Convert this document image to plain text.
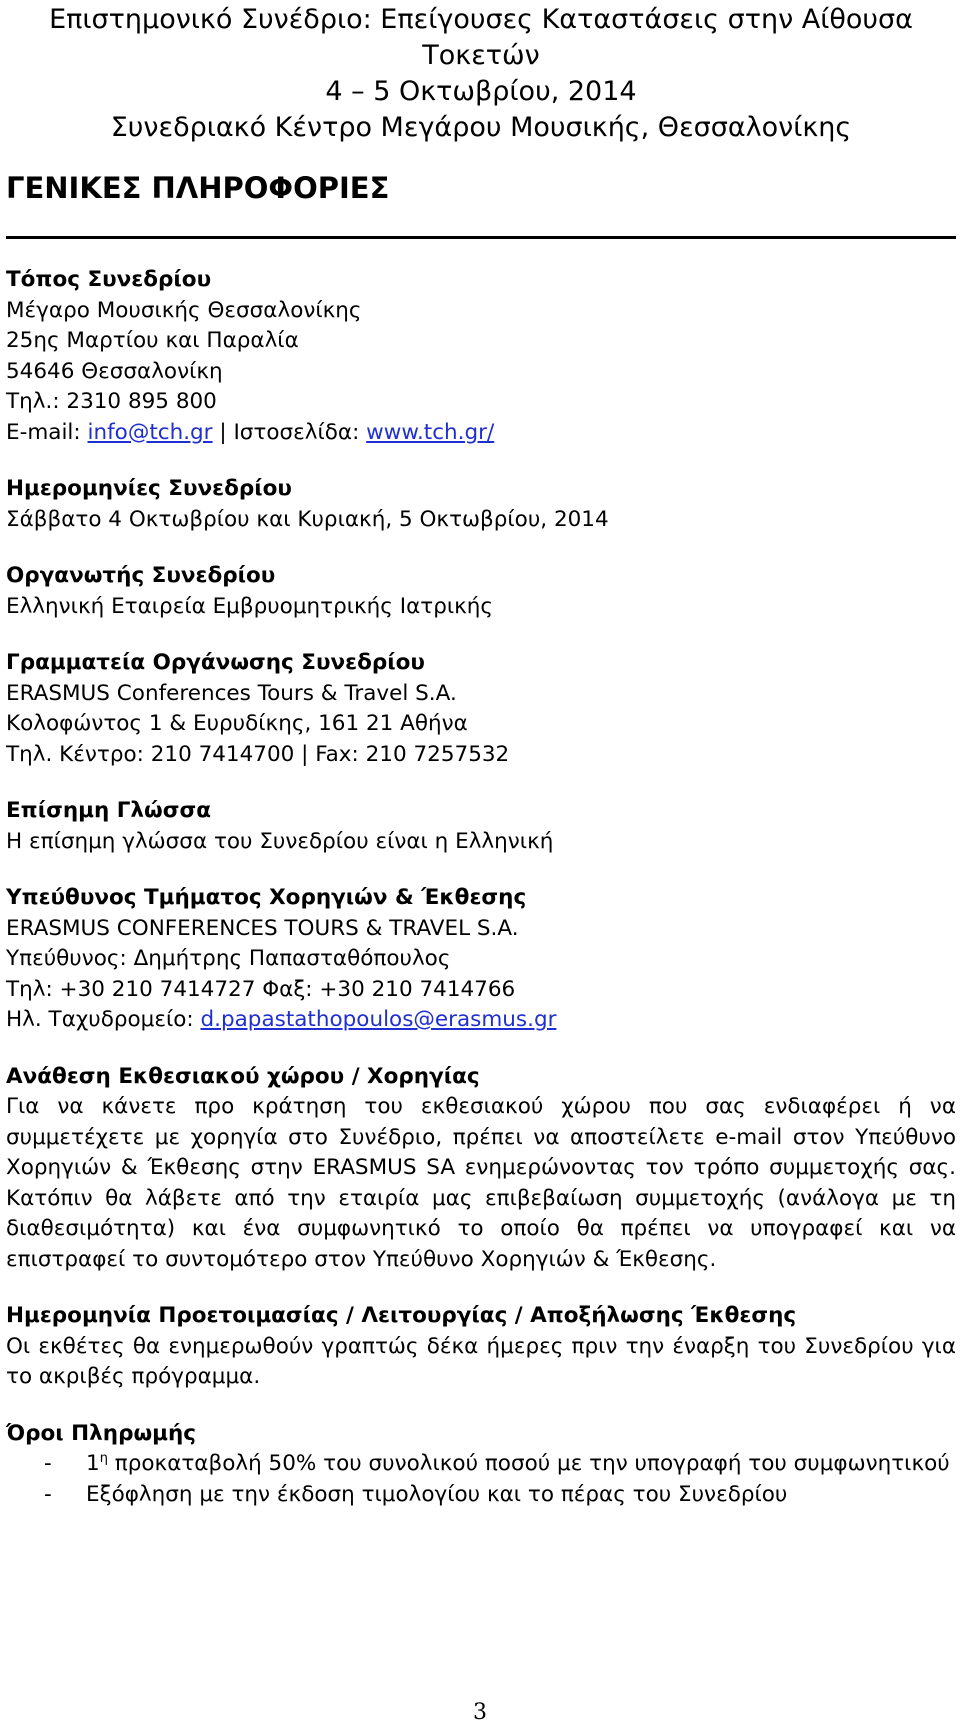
Επιστημονικό Συνέδριο: Επείγουσες Καταστάσεις στην Αίθουσα Τοκετών
4 – 5 Οκτωβρίου, 2014
Συνεδριακό Κέντρο Μεγάρου Μουσικής, Θεσσαλονίκης
ΓΕΝΙΚΕΣ ΠΛΗΡΟΦΟΡΙΕΣ
Τόπος Συνεδρίου
Μέγαρο Μουσικής Θεσσαλονίκης
25ης Μαρτίου και Παραλία
54646 Θεσσαλονίκη
Τηλ.: 2310 895 800
E-mail: info@tch.gr | Ιστοσελίδα: www.tch.gr/
Ημερομηνίες Συνεδρίου
Σάββατο 4 Οκτωβρίου και Κυριακή, 5 Οκτωβρίου, 2014
Οργανωτής Συνεδρίου
Ελληνική Εταιρεία Εμβρυομητρικής Ιατρικής
Γραμματεία Οργάνωσης Συνεδρίου
ERASMUS Conferences Tours & Travel S.A.
Κολοφώντος 1 & Ευρυδίκης, 161 21 Αθήνα
Τηλ. Κέντρο: 210 7414700 | Fax: 210 7257532
Επίσημη Γλώσσα
Η επίσημη γλώσσα του Συνεδρίου είναι η Ελληνική
Υπεύθυνος Τμήματος Χορηγιών & Έκθεσης
ERASMUS CONFERENCES TOURS & TRAVEL S.A.
Υπεύθυνος: Δημήτρης Παπασταθόπουλος
Τηλ: +30 210 7414727 Φαξ: +30 210 7414766
Ηλ. Ταχυδρομείο: d.papastathopoulos@erasmus.gr
Ανάθεση Εκθεσιακού χώρου / Χορηγίας
Για να κάνετε προ κράτηση του εκθεσιακού χώρου που σας ενδιαφέρει ή να συμμετέχετε με χορηγία στο Συνέδριο, πρέπει να αποστείλετε e-mail στον Υπεύθυνο Χορηγιών & Έκθεσης στην ERASMUS SA ενημερώνοντας τον τρόπο συμμετοχής σας. Κατόπιν θα λάβετε από την εταιρία μας επιβεβαίωση συμμετοχής (ανάλογα με τη διαθεσιμότητα) και ένα συμφωνητικό το οποίο θα πρέπει να υπογραφεί και να επιστραφεί το συντομότερο στον Υπεύθυνο Χορηγιών & Έκθεσης.
Ημερομηνία Προετοιμασίας / Λειτουργίας / Αποξήλωσης Έκθεσης
Οι εκθέτες θα ενημερωθούν γραπτώς δέκα ήμερες πριν την έναρξη του Συνεδρίου για το ακριβές πρόγραμμα.
Όροι Πληρωμής
- $1^\eta$ προκαταβολή 50% του συνολικού ποσού με την υπογραφή του συμφωνητικού
- Εξόφληση με την έκδοση τιμολογίου και το πέρας του Συνεδρίου
3
